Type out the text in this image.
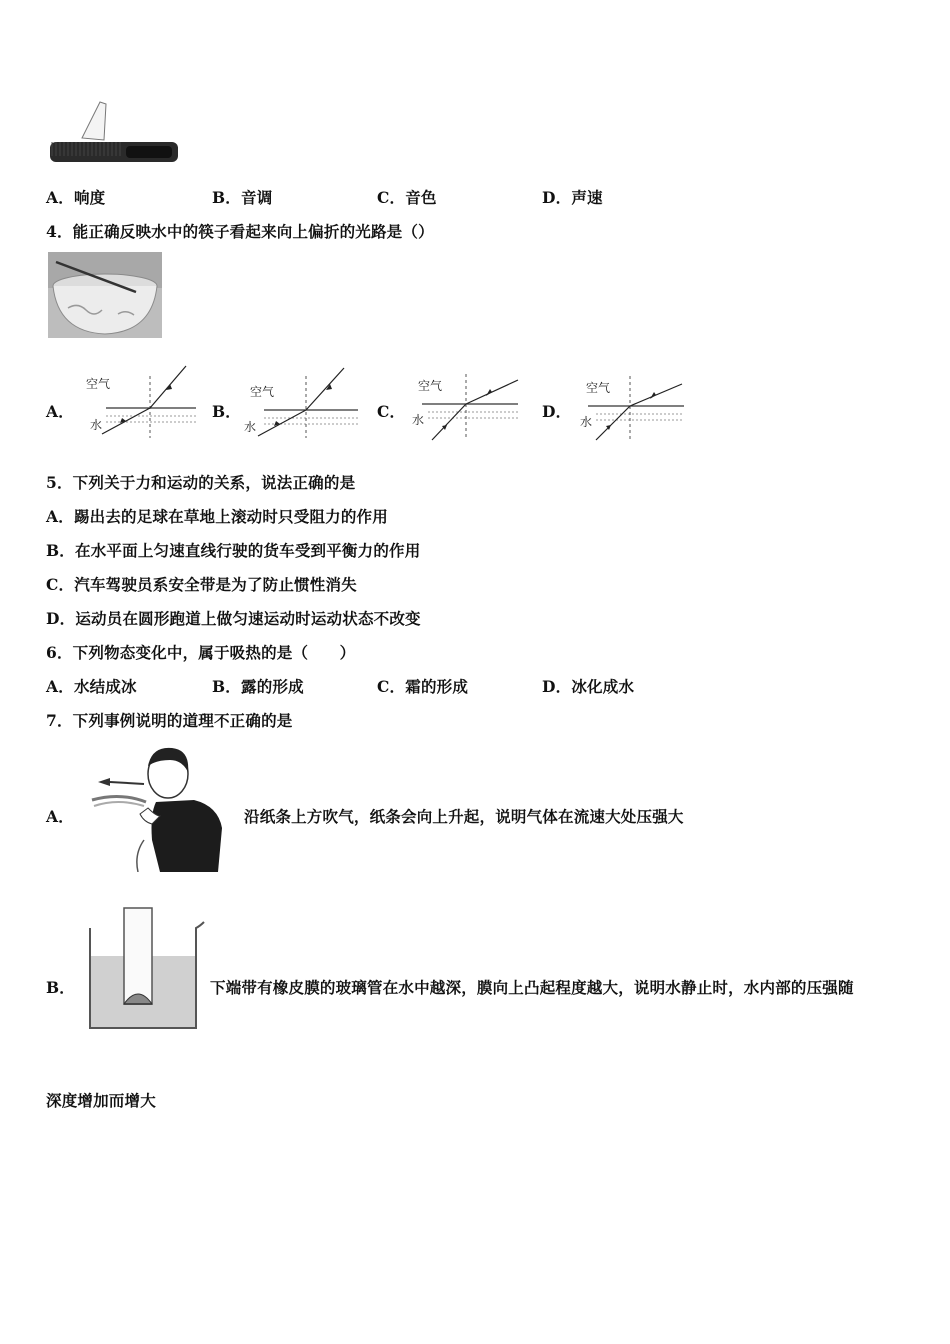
A．响度	B．音调	C．音色	D．声速
4．能正确反映水中的筷子看起来向上偏折的光路是（）
A．
空气
水
B．
空气
水
C．
空气
水	D．
空气
水
5．下列关于力和运动的关系，说法正确的是
A．踢出去的足球在草地上滚动时只受阻力的作用
B．在水平面上匀速直线行驶的货车受到平衡力的作用
C．汽车驾驶员系安全带是为了防止惯性消失
D．运动员在圆形跑道上做匀速运动时运动状态不改变
6．下列物态变化中，属于吸热的是（　　）
A．水结成冰	B．露的形成	C．霜的形成	D．冰化成水
7．下列事例说明的道理不正确的是
A．	沿纸条上方吹气，纸条会向上升起，说明气体在流速大处压强大
B．	下端带有橡皮膜的玻璃管在水中越深，膜向上凸起程度越大，说明水静止时，水内部的压强随
深度增加而增大
